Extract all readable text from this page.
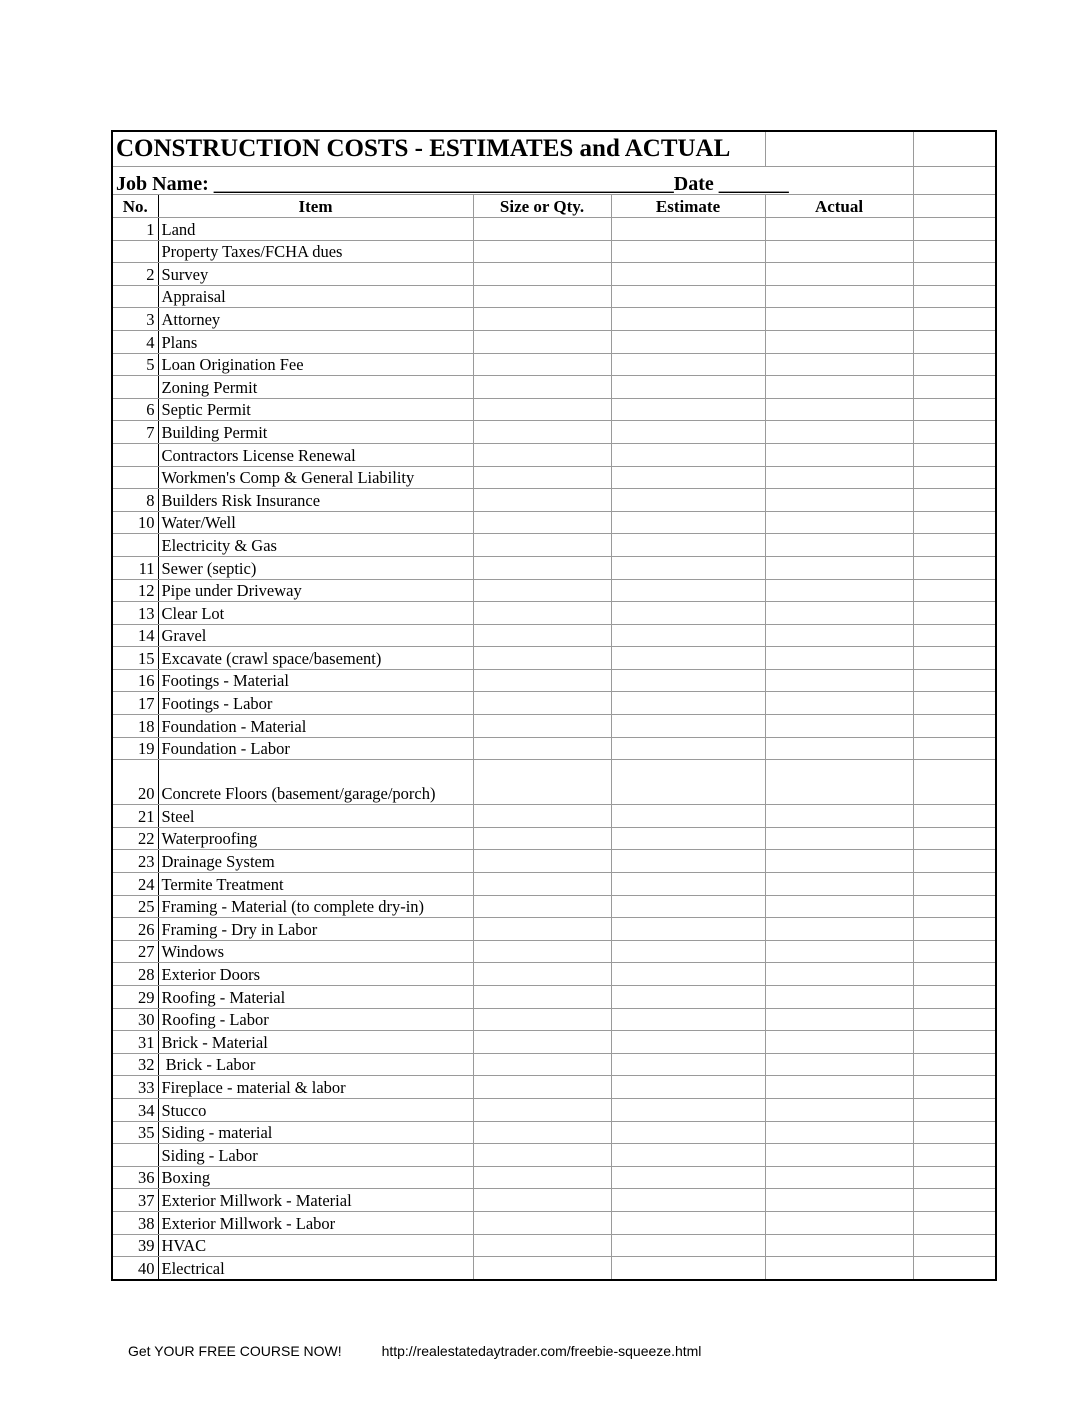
CONSTRUCTION COSTS - ESTIMATES and ACTUAL					
Job Name: ______________________________________________Date _______					
No.	Item	Size or Qty.	Estimate	Actual	
1	Land				
	Property Taxes/FCHA dues				
2	Survey				
	Appraisal				
3	Attorney				
4	Plans				
5	Loan Origination Fee				
	Zoning Permit				
6	Septic Permit				
7	Building Permit				
	Contractors License Renewal				
	Workmen's Comp & General Liability				
8	Builders Risk Insurance				
10	Water/Well				
	Electricity & Gas				
11	Sewer (septic)				
12	Pipe under Driveway				
13	Clear Lot				
14	Gravel				
15	Excavate (crawl space/basement)				
16	Footings - Material				
17	Footings - Labor				
18	Foundation - Material				
19	Foundation - Labor				
20	Concrete Floors (basement/garage/porch)				
21	Steel				
22	Waterproofing				
23	Drainage System				
24	Termite Treatment				
25	Framing - Material (to complete dry-in)				
26	Framing - Dry in Labor				
27	Windows				
28	Exterior Doors				
29	Roofing - Material				
30	Roofing - Labor				
31	Brick - Material				
32	Brick - Labor				
33	Fireplace - material & labor				
34	Stucco				
35	Siding - material				
	Siding - Labor				
36	Boxing				
37	Exterior Millwork - Material				
38	Exterior Millwork - Labor				
39	HVAC				
40	Electrical				
Get YOUR FREE COURSE NOW!	http://realestatedaytrader.com/freebie-squeeze.html
